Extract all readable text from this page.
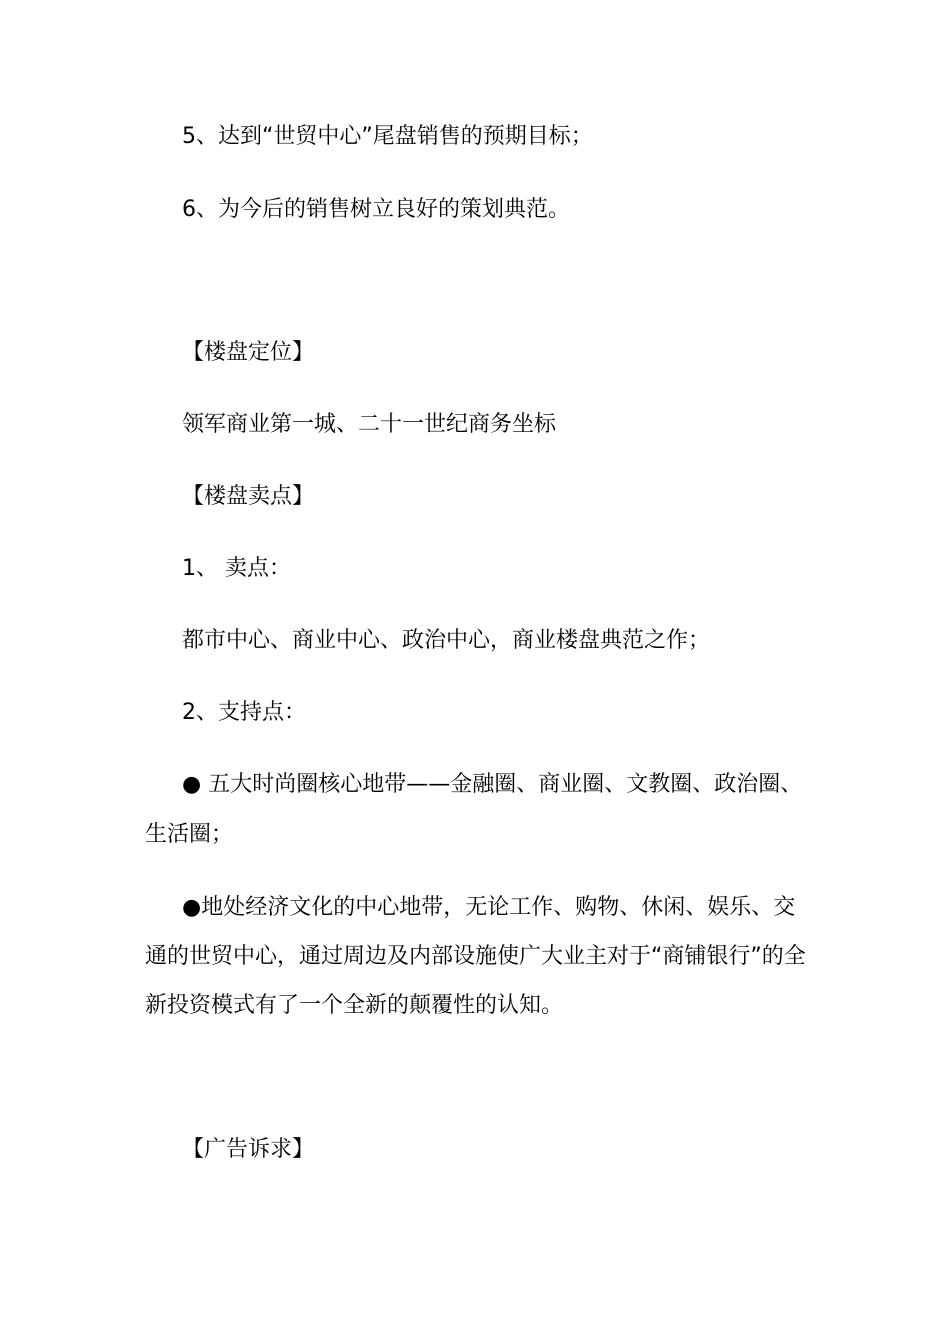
5、达到“世贸中心”尾盘销售的预期目标；

6、为今后的销售树立良好的策划典范。

【楼盘定位】

领军商业第一城、二十一世纪商务坐标

【楼盘卖点】

1、 卖点：

都市中心、商业中心、政治中心，商业楼盘典范之作；

2、支持点：

● 五大时尚圈核心地带——金融圈、商业圈、文教圈、政治圈、

生活圈；

●地处经济文化的中心地带，无论工作、购物、休闲、娱乐、交

通的世贸中心，通过周边及内部设施使广大业主对于“商铺银行”的全

新投资模式有了一个全新的颠覆性的认知。

【广告诉求】
